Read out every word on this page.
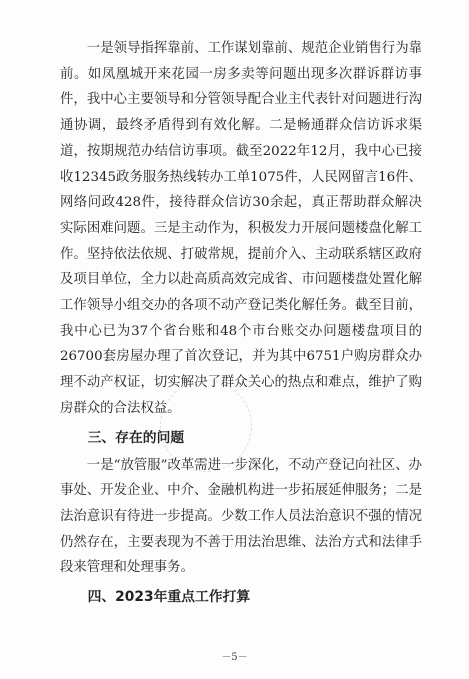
一是领导指挥靠前、工作谋划靠前、规范企业销售行为靠前。如凤凰城开来花园一房多卖等问题出现多次群诉群访事件，我中心主要领导和分管领导配合业主代表针对问题进行沟通协调，最终矛盾得到有效化解。二是畅通群众信访诉求渠道，按期规范办结信访事项。截至2022年12月，我中心已接收12345政务服务热线转办工单1075件，人民网留言16件、网络问政428件，接待群众信访30余起，真正帮助群众解决实际困难问题。三是主动作为，积极发力开展问题楼盘化解工作。坚持依法依规、打破常规，提前介入、主动联系辖区政府及项目单位，全力以赴高质高效完成省、市问题楼盘处置化解工作领导小组交办的各项不动产登记类化解任务。截至目前，我中心已为37个省台账和48个市台账交办问题楼盘项目的26700套房屋办理了首次登记，并为其中6751户购房群众办理不动产权证，切实解决了群众关心的热点和难点，维护了购房群众的合法权益。

三、存在的问题

一是“放管服”改革需进一步深化，不动产登记向社区、办事处、开发企业、中介、金融机构进一步拓展延伸服务；二是法治意识有待进一步提高。少数工作人员法治意识不强的情况仍然存在，主要表现为不善于用法治思维、法治方式和法律手段来管理和处理事务。

四、2023年重点工作打算

－5－
